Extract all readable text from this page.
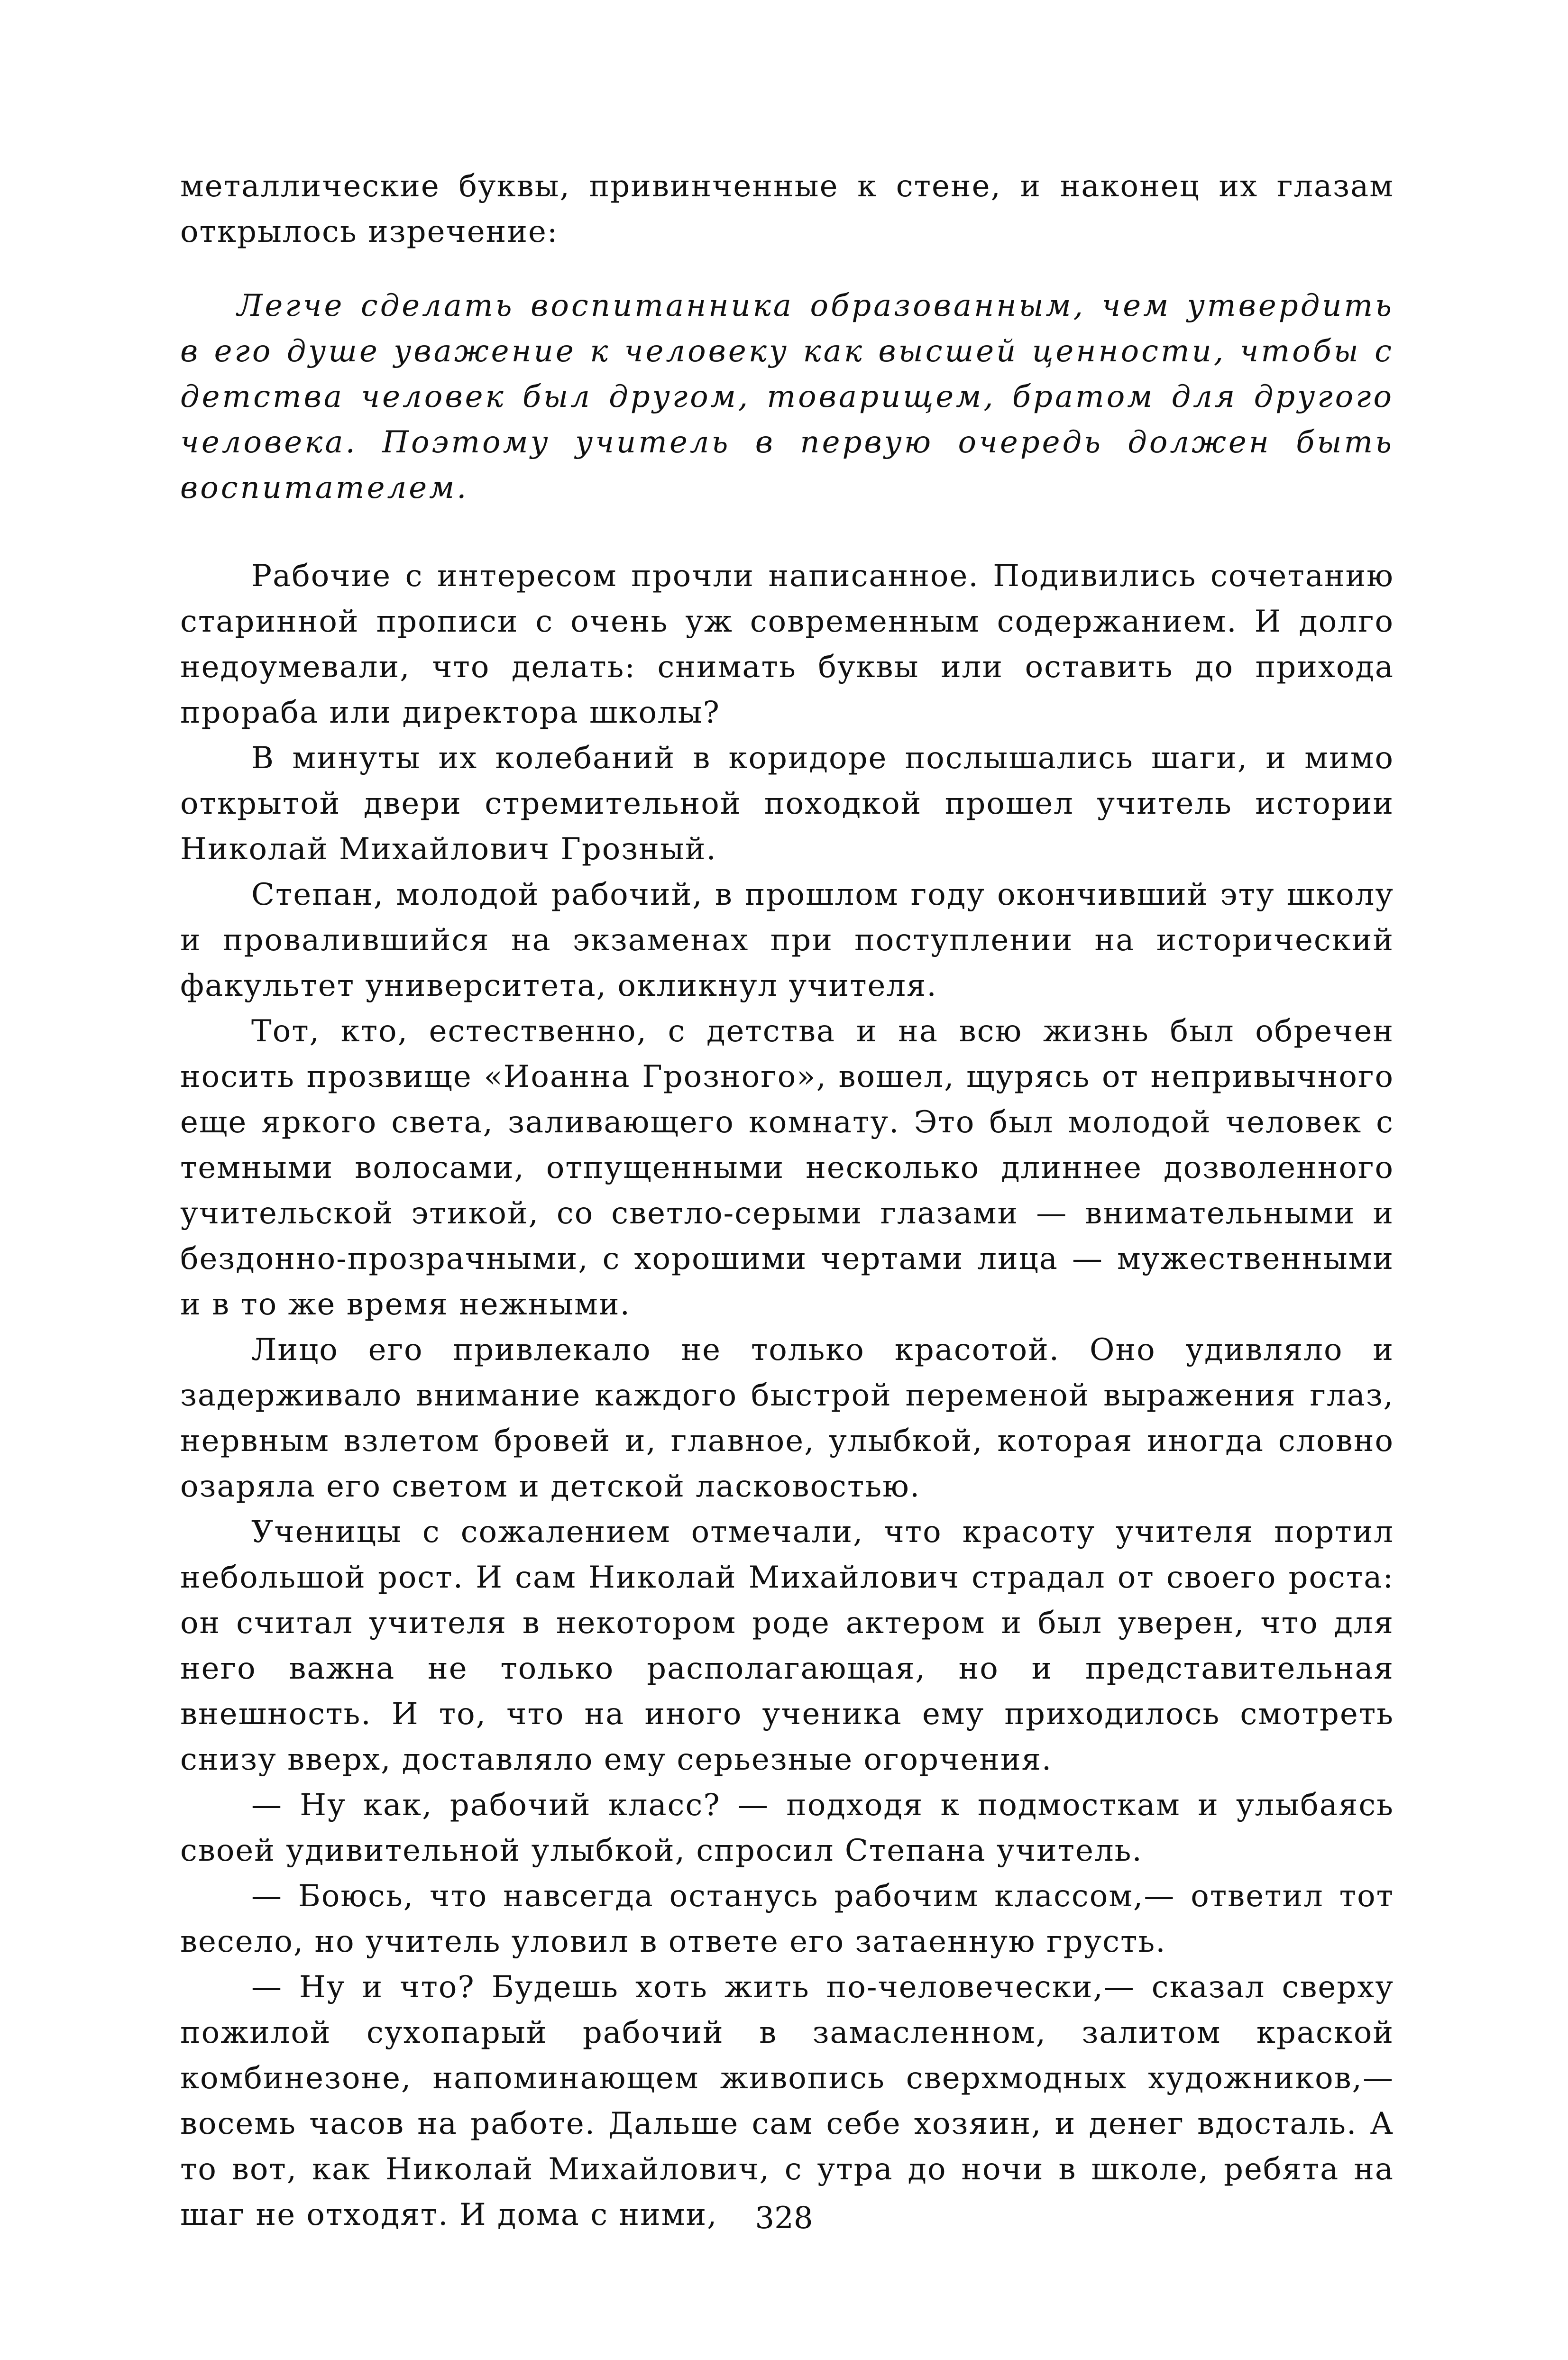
металлические буквы, привинченные к стене, и наконец их глазам открылось изречение:

Легче сделать воспитанника образованным, чем утвердить в его душе уважение к человеку как высшей ценности, чтобы с детства человек был другом, товарищем, братом для другого человека. Поэтому учитель в первую очередь должен быть воспитателем.

Рабочие с интересом прочли написанное. Подивились сочетанию старинной прописи с очень уж современным содержанием. И долго недоумевали, что делать: снимать буквы или оставить до прихода прораба или директора школы?

В минуты их колебаний в коридоре послышались шаги, и мимо открытой двери стремительной походкой прошел учитель истории Николай Михайлович Грозный.

Степан, молодой рабочий, в прошлом году окончивший эту школу и провалившийся на экзаменах при поступлении на исторический факультет университета, окликнул учителя.

Тот, кто, естественно, с детства и на всю жизнь был обречен носить прозвище «Иоанна Грозного», вошел, щурясь от непривычного еще яркого света, заливающего комнату. Это был молодой человек с темными волосами, отпущенными несколько длиннее дозволенного учительской этикой, со светло-серыми глазами — внимательными и бездонно-прозрачными, с хорошими чертами лица — мужественными и в то же время нежными.

Лицо его привлекало не только красотой. Оно удивляло и задерживало внимание каждого быстрой переменой выражения глаз, нервным взлетом бровей и, главное, улыбкой, которая иногда словно озаряла его светом и детской ласковостью.

Ученицы с сожалением отмечали, что красоту учителя портил небольшой рост. И сам Николай Михайлович страдал от своего роста: он считал учителя в некотором роде актером и был уверен, что для него важна не только располагающая, но и представительная внешность. И то, что на иного ученика ему приходилось смотреть снизу вверх, доставляло ему серьезные огорчения.

— Ну как, рабочий класс? — подходя к подмосткам и улыбаясь своей удивительной улыбкой, спросил Степана учитель.

— Боюсь, что навсегда останусь рабочим классом,— ответил тот весело, но учитель уловил в ответе его затаенную грусть.

— Ну и что? Будешь хоть жить по-человечески,— сказал сверху пожилой сухопарый рабочий в замасленном, залитом краской комбинезоне, напоминающем живопись сверхмодных художников,— восемь часов на работе. Дальше сам себе хозяин, и денег вдосталь. А то вот, как Николай Михайлович, с утра до ночи в школе, ребята на шаг не отходят. И дома с ними,	328
